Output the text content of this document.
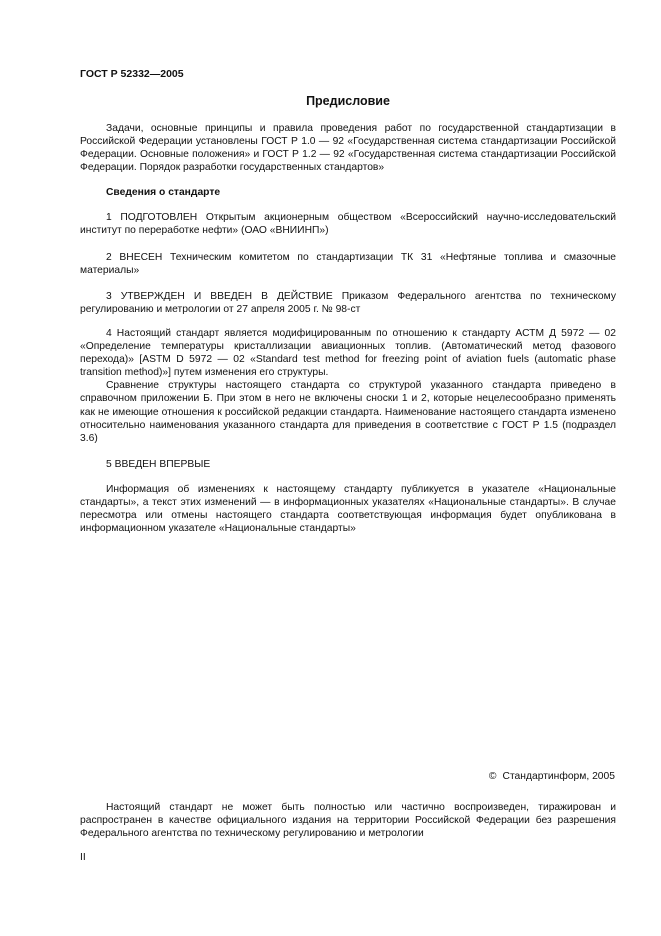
ГОСТ Р 52332—2005
Предисловие

Задачи, основные принципы и правила проведения работ по государственной стандартизации в Российской Федерации установлены ГОСТ Р 1.0 — 92 «Государственная система стандартизации Российской Федерации. Основные положения» и ГОСТ Р 1.2 — 92 «Государственная система стандартизации Российской Федерации. Порядок разработки государственных стандартов»

Сведения о стандарте

1 ПОДГОТОВЛЕН Открытым акционерным обществом «Всероссийский научно-исследовательский институт по переработке нефти» (ОАО «ВНИИНП»)

2 ВНЕСЕН Техническим комитетом по стандартизации ТК 31 «Нефтяные топлива и смазочные материалы»

3 УТВЕРЖДЕН И ВВЕДЕН В ДЕЙСТВИЕ Приказом Федерального агентства по техническому регулированию и метрологии от 27 апреля 2005 г. № 98-ст

4 Настоящий стандарт является модифицированным по отношению к стандарту АСТМ Д 5972 — 02 «Определение температуры кристаллизации авиационных топлив. (Автоматический метод фазового перехода)» [ASTM D 5972 — 02 «Standard test method for freezing point of aviation fuels (automatic phase transition method)»] путем изменения его структуры.

Сравнение структуры настоящего стандарта со структурой указанного стандарта приведено в справочном приложении Б. При этом в него не включены сноски 1 и 2, которые нецелесообразно применять как не имеющие отношения к российской редакции стандарта. Наименование настоящего стандарта изменено относительно наименования указанного стандарта для приведения в соответствие с ГОСТ Р 1.5 (подраздел 3.6)

5 ВВЕДЕН ВПЕРВЫЕ

Информация об изменениях к настоящему стандарту публикуется в указателе «Национальные стандарты», а текст этих изменений — в информационных указателях «Национальные стандарты». В случае пересмотра или отмены настоящего стандарта соответствующая информация будет опубликована в информационном указателе «Национальные стандарты»

© Стандартинформ, 2005

Настоящий стандарт не может быть полностью или частично воспроизведен, тиражирован и распространен в качестве официального издания на территории Российской Федерации без разрешения Федерального агентства по техническому регулированию и метрологии

II
